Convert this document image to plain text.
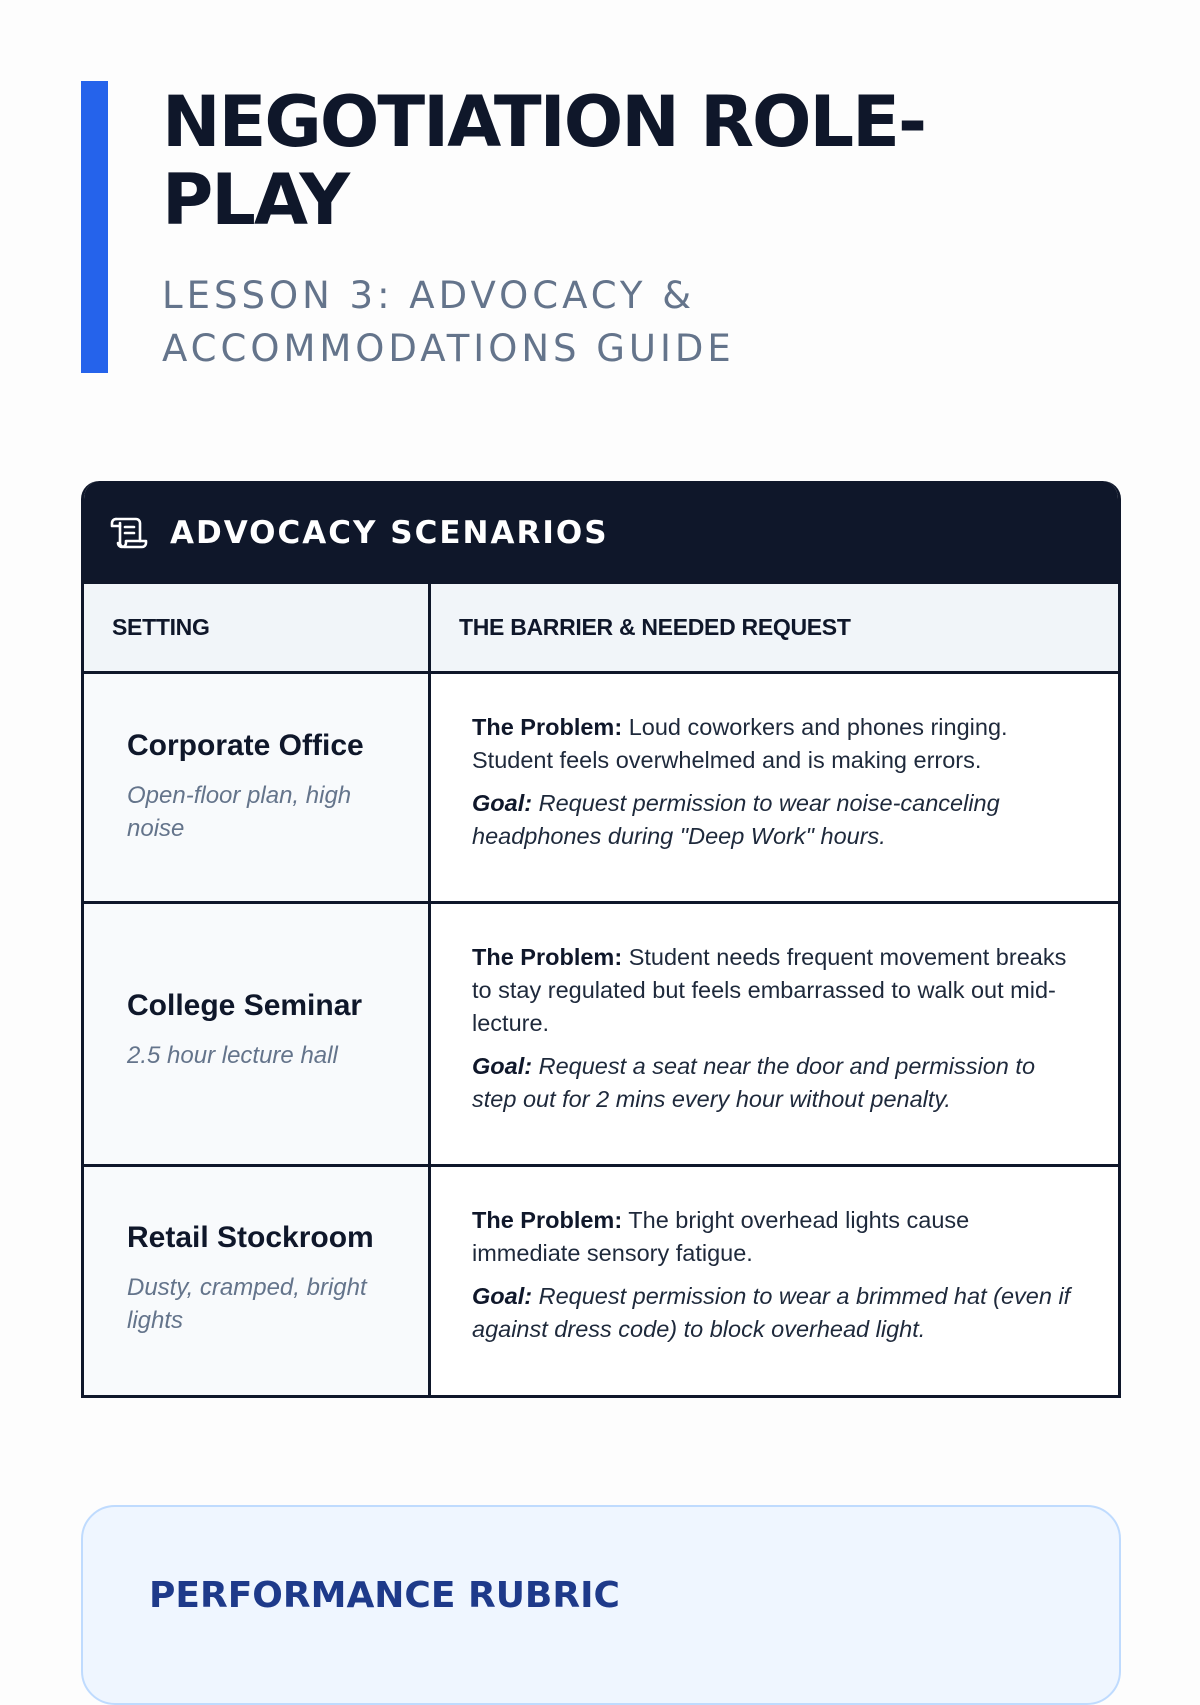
NEGOTIATION ROLE-PLAY
LESSON 3: ADVOCACY & ACCOMMODATIONS GUIDE
ADVOCACY SCENARIOS
SETTING	THE BARRIER & NEEDED REQUEST

Corporate Office

Open-floor plan, high noise

The Problem: Loud coworkers and phones ringing. Student feels overwhelmed and is making errors.

Goal: Request permission to wear noise-canceling headphones during "Deep Work" hours.

College Seminar

2.5 hour lecture hall

The Problem: Student needs frequent movement breaks to stay regulated but feels embarrassed to walk out mid-lecture.

Goal: Request a seat near the door and permission to step out for 2 mins every hour without penalty.

Retail Stockroom

Dusty, cramped, bright lights

The Problem: The bright overhead lights cause immediate sensory fatigue.

Goal: Request permission to wear a brimmed hat (even if against dress code) to block overhead light.

PERFORMANCE RUBRIC
